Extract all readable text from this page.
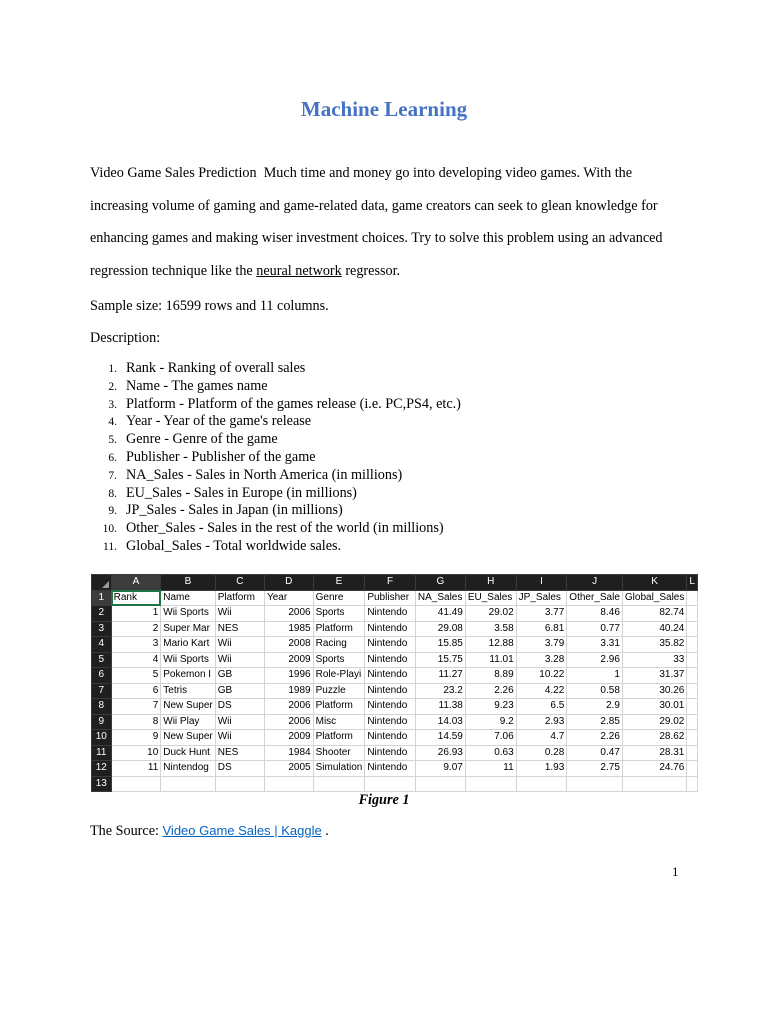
Machine Learning

Video Game Sales Prediction Much time and money go into developing video games. With the increasing volume of gaming and game-related data, game creators can seek to glean knowledge for enhancing games and making wiser investment choices. Try to solve this problem using an advanced regression technique like the neural network regressor.

Sample size: 16599 rows and 11 columns.

Description:

1. Rank - Ranking of overall sales
2. Name - The games name
3. Platform - Platform of the games release (i.e. PC,PS4, etc.)
4. Year - Year of the game's release
5. Genre - Genre of the game
6. Publisher - Publisher of the game
7. NA_Sales - Sales in North America (in millions)
8. EU_Sales - Sales in Europe (in millions)
9. JP_Sales - Sales in Japan (in millions)
10. Other_Sales - Sales in the rest of the world (in millions)
11. Global_Sales - Total worldwide sales.
	A	B	C	D	E	F	G	H	I	J	K	L
1	Rank	Name	Platform	Year	Genre	Publisher	NA_Sales	EU_Sales	JP_Sales	Other_Sale	Global_Sales	
2	1	Wii Sports	Wii	2006	Sports	Nintendo	41.49	29.02	3.77	8.46	82.74	
3	2	Super Mar	NES	1985	Platform	Nintendo	29.08	3.58	6.81	0.77	40.24	
4	3	Mario Kart	Wii	2008	Racing	Nintendo	15.85	12.88	3.79	3.31	35.82	
5	4	Wii Sports	Wii	2009	Sports	Nintendo	15.75	11.01	3.28	2.96	33	
6	5	Pokemon I	GB	1996	Role-Playi	Nintendo	11.27	8.89	10.22	1	31.37	
7	6	Tetris	GB	1989	Puzzle	Nintendo	23.2	2.26	4.22	0.58	30.26	
8	7	New Super	DS	2006	Platform	Nintendo	11.38	9.23	6.5	2.9	30.01	
9	8	Wii Play	Wii	2006	Misc	Nintendo	14.03	9.2	2.93	2.85	29.02	
10	9	New Super	Wii	2009	Platform	Nintendo	14.59	7.06	4.7	2.26	28.62	
11	10	Duck Hunt	NES	1984	Shooter	Nintendo	26.93	0.63	0.28	0.47	28.31	
12	11	Nintendog	DS	2005	Simulation	Nintendo	9.07	11	1.93	2.75	24.76	
13												
Figure 1
The Source: Video Game Sales | Kaggle .
1
